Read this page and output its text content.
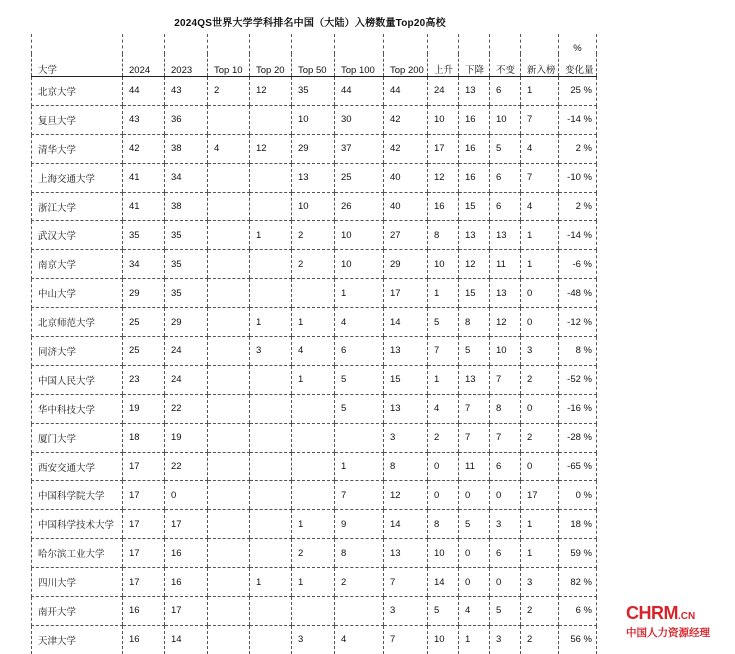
2024QS世界大学学科排名中国（大陆）入榜数量Top20高校
												%
大学	2024	2023	Top 10	Top 20	Top 50	Top 100	Top 200	上升	下降	不变	新入榜	变化量
北京大学	44	43	2	12	35	44	44	24	13	6	1	25 %
复旦大学	43	36			10	30	42	10	16	10	7	-14 %
清华大学	42	38	4	12	29	37	42	17	16	5	4	2 %
上海交通大学	41	34			13	25	40	12	16	6	7	-10 %
浙江大学	41	38			10	26	40	16	15	6	4	2 %
武汉大学	35	35		1	2	10	27	8	13	13	1	-14 %
南京大学	34	35			2	10	29	10	12	11	1	-6 %
中山大学	29	35				1	17	1	15	13	0	-48 %
北京师范大学	25	29		1	1	4	14	5	8	12	0	-12 %
同济大学	25	24		3	4	6	13	7	5	10	3	8 %
中国人民大学	23	24			1	5	15	1	13	7	2	-52 %
华中科技大学	19	22				5	13	4	7	8	0	-16 %
厦门大学	18	19					3	2	7	7	2	-28 %
西安交通大学	17	22				1	8	0	11	6	0	-65 %
中国科学院大学	17	0				7	12	0	0	0	17	0 %
中国科学技术大学	17	17			1	9	14	8	5	3	1	18 %
哈尔滨工业大学	17	16			2	8	13	10	0	6	1	59 %
四川大学	17	16		1	1	2	7	14	0	0	3	82 %
南开大学	16	17					3	5	4	5	2	6 %
天津大学	16	14			3	4	7	10	1	3	2	56 %
CHRM.CN
中国人力资源经理
